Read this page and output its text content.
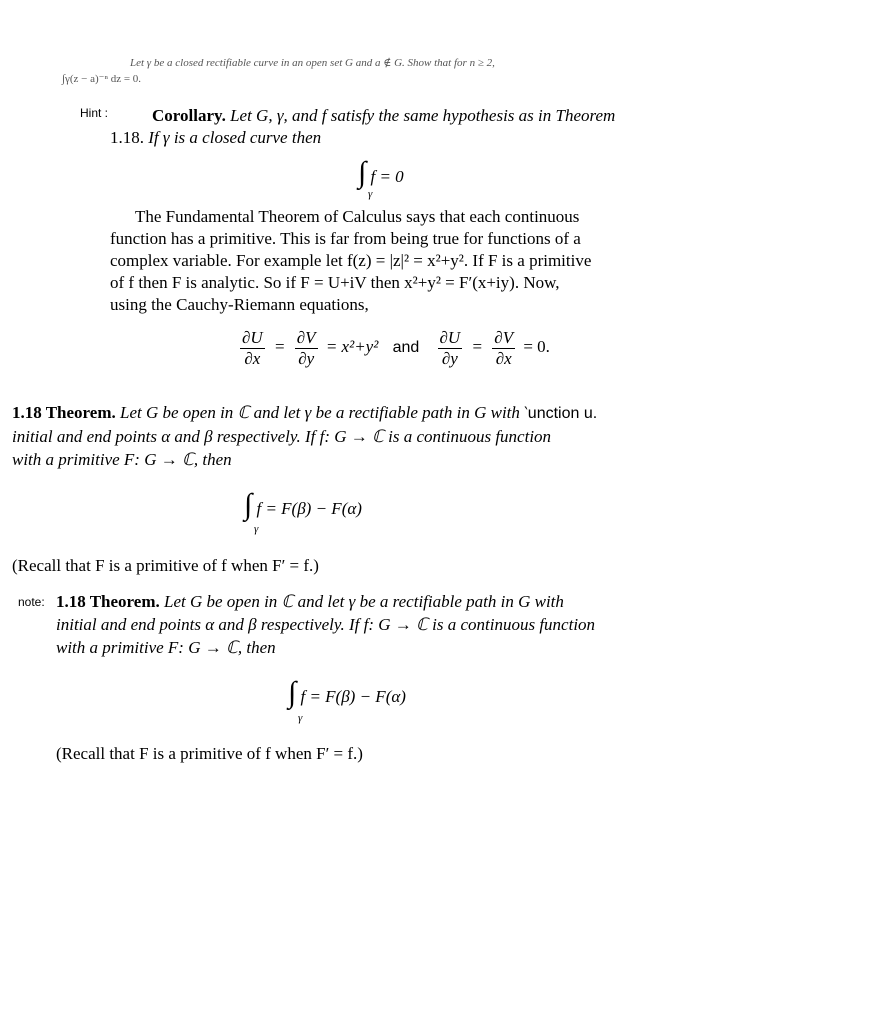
Let γ be a closed rectifiable curve in an open set G and a ∉ G. Show that for n ≥ 2,
∫γ(z − a)⁻ⁿ dz = 0.
Hint :	Corollary. Let G, γ, and f satisfy the same hypothesis as in Theorem
1.18. If γ is a closed curve then
∫ f = 0
γ
The Fundamental Theorem of Calculus says that each continuous
function has a primitive. This is far from being true for functions of a
complex variable. For example let f(z) = |z|² = x²+y². If F is a primitive
of f then F is analytic. So if F = U+iV then x²+y² = F′(x+iy). Now,
using the Cauchy-Riemann equations,
$\frac{\partial U}{\partial x} = \frac{\partial V}{\partial y} = x^2+y^2$ and $\frac{\partial U}{\partial y} = \frac{\partial V}{\partial x} = 0$.
1.18 Theorem. Let G be open in ℂ and let γ be a rectifiable path in G with ‵unction u.
initial and end points α and β respectively. If f: G → ℂ is a continuous function
with a primitive F: G → ℂ, then
∫ f = F(β) − F(α)
γ
(Recall that F is a primitive of f when F′ = f.)
note: 1.18 Theorem. Let G be open in ℂ and let γ be a rectifiable path in G with
initial and end points α and β respectively. If f: G → ℂ is a continuous function
with a primitive F: G → ℂ, then
∫ f = F(β) − F(α)
γ
(Recall that F is a primitive of f when F′ = f.)
